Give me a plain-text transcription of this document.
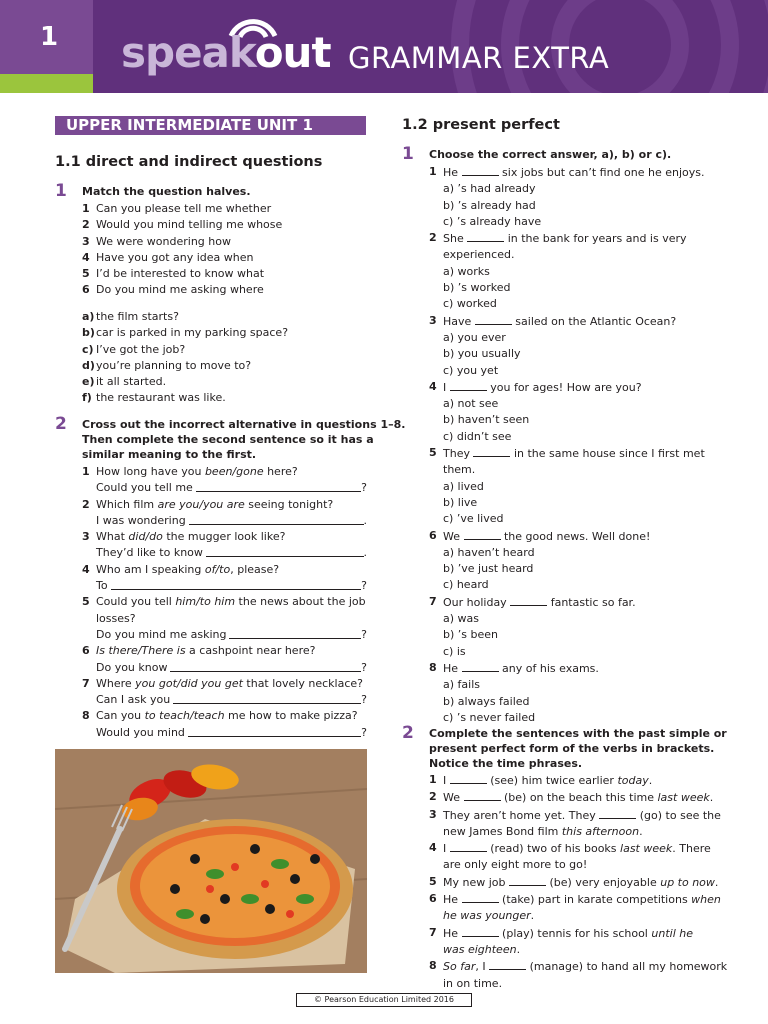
1	speakout GRAMMAR EXTRA
UPPER INTERMEDIATE UNIT 1
1.1 direct and indirect questions
1 Match the question halves.
1 Can you please tell me whether
2 Would you mind telling me whose
3 We were wondering how
4 Have you got any idea when
5 I’d be interested to know what
6 Do you mind me asking where
a) the film starts?
b) car is parked in my parking space?
c) I’ve got the job?
d) you’re planning to move to?
e) it all started.
f) the restaurant was like.
2 Cross out the incorrect alternative in questions 1–8.
Then complete the second sentence so it has a
similar meaning to the first.
1 How long have you been/gone here?
Could you tell me	?
2 Which film are you/you are seeing tonight?
I was wondering	.
3 What did/do the mugger look like?
They’d like to know	.
4 Who am I speaking of/to, please?
To	?
5 Could you tell him/to him the news about the job
losses?
Do you mind me asking	?
6 Is there/There is a cashpoint near here?
Do you know	?
7 Where you got/did you get that lovely necklace?
Can I ask you	?
8 Can you to teach/teach me how to make pizza?
Would you mind	?
1.2 present perfect
1 Choose the correct answer, a), b) or c).
1 He	six jobs but can’t find one he enjoys.
a) ’s had already
b) ’s already had
c) ’s already have
2 She	in the bank for years and is very
experienced.
a) works
b) ’s worked
c) worked
3 Have	sailed on the Atlantic Ocean?
a) you ever
b) you usually
c) you yet
4 I	you for ages! How are you?
a) not see
b) haven’t seen
c) didn’t see
5 They	in the same house since I first met
them.
a) lived
b) live
c) ’ve lived
6 We	the good news. Well done!
a) haven’t heard
b) ’ve just heard
c) heard
7 Our holiday	fantastic so far.
a) was
b) ’s been
c) is
8 He	any of his exams.
a) fails
b) always failed
c) ’s never failed
2 Complete the sentences with the past simple or
present perfect form of the verbs in brackets.
Notice the time phrases.
1 I	(see) him twice earlier today.
2 We	(be) on the beach this time last week.
3 They aren’t home yet. They	(go) to see the
new James Bond film this afternoon.
4 I	(read) two of his books last week. There
are only eight more to go!
5 My new job	(be) very enjoyable up to now.
6 He	(take) part in karate competitions when
he was younger.
7 He	(play) tennis for his school until he
was eighteen.
8 So far, I	(manage) to hand all my homework
in on time.
© Pearson Education Limited 2016
